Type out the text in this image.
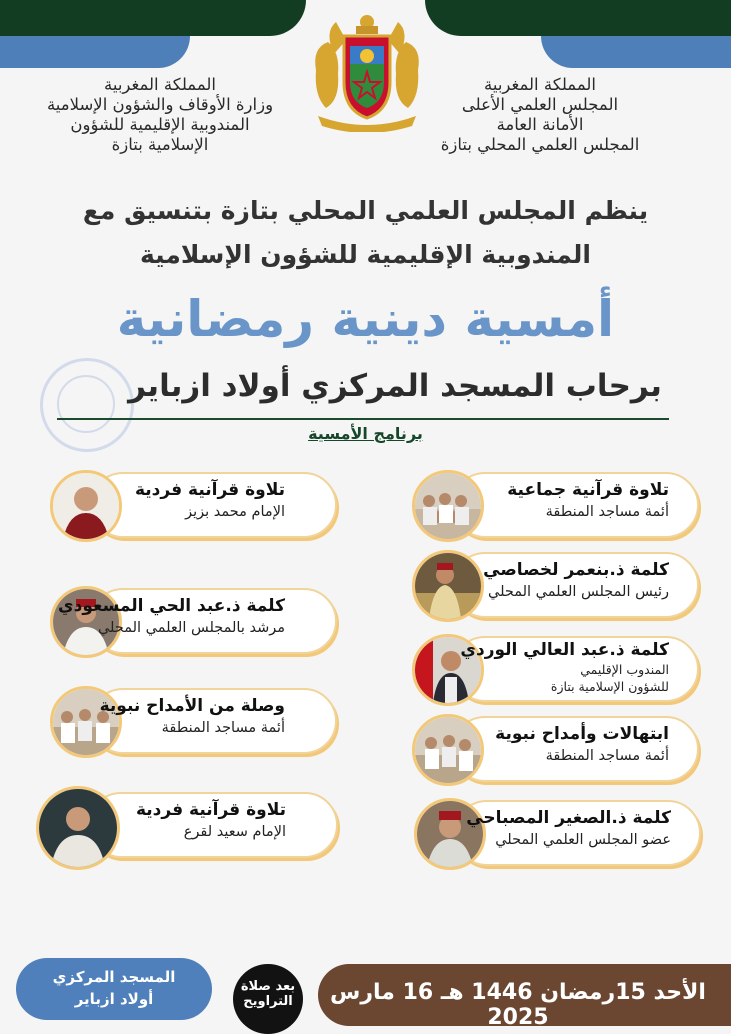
المملكة المغربية
المجلس العلمي الأعلى
الأمانة العامة
المجلس العلمي المحلي بتازة
المملكة المغربية
وزارة الأوقاف والشؤون الإسلامية
المندوبية الإقليمية للشؤون
الإسلامية بتازة
ينظم المجلس العلمي المحلي بتازة بتنسيق مع
المندوبية الإقليمية للشؤون الإسلامية
أمسية دينية رمضانية
برحاب المسجد المركزي أولاد ازباير
برنامج الأمسية
تلاوة قرآنية جماعية
أئمة مساجد المنطقة
كلمة ذ.بنعمر لخصاصي
رئيس المجلس العلمي المحلي
كلمة ذ.عبد العالي الوردي
المندوب الإقليمي
للشؤون الإسلامية بتازة
ابتهالات وأمداح نبوية
أئمة مساجد المنطقة
كلمة ذ.الصغير المصباحي
عضو المجلس العلمي المحلي
تلاوة قرآنية فردية
الإمام محمد بزيز
كلمة ذ.عبد الحي المسعودي
مرشد بالمجلس العلمي المحلي
وصلة من الأمداح نبوية
أئمة مساجد المنطقة
تلاوة قرآنية فردية
الإمام سعيد لقرع
الأحد 15رمضان 1446 هـ 16 مارس 2025
بعد صلاة
التراويح
المسجد المركزي
أولاد ازباير
